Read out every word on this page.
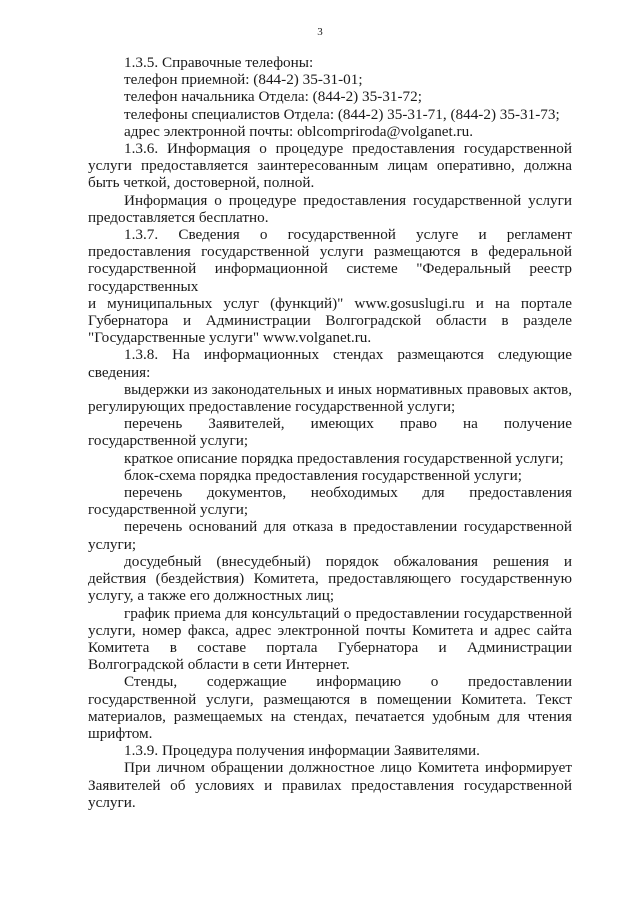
3

1.3.5. Справочные телефоны:

телефон приемной: (844-2) 35-31-01;

телефон начальника Отдела: (844-2) 35-31-72;

телефоны специалистов Отдела: (844-2) 35-31-71, (844-2) 35-31-73;

адрес электронной почты: oblcompriroda@volganet.ru.

1.3.6. Информация о процедуре предоставления государственной услуги предоставляется заинтересованным лицам оперативно, должна быть четкой, достоверной, полной.

Информация о процедуре предоставления государственной услуги предоставляется бесплатно.

1.3.7. Сведения о государственной услуге и регламент предоставления государственной услуги размещаются в федеральной государственной информационной системе "Федеральный реестр государственных

и муниципальных услуг (функций)" www.gosuslugi.ru и на портале Губернатора и Администрации Волгоградской области в разделе "Государственные услуги" www.volganet.ru.

1.3.8. На информационных стендах размещаются следующие сведения:

выдержки из законодательных и иных нормативных правовых актов, регулирующих предоставление государственной услуги;

перечень Заявителей, имеющих право на получение государственной услуги;

краткое описание порядка предоставления государственной услуги;

блок-схема порядка предоставления государственной услуги;

перечень документов, необходимых для предоставления государственной услуги;

перечень оснований для отказа в предоставлении государственной услуги;

досудебный (внесудебный) порядок обжалования решения и действия (бездействия) Комитета, предоставляющего государственную услугу, а также его должностных лиц;

график приема для консультаций о предоставлении государственной услуги, номер факса, адрес электронной почты Комитета и адрес сайта Комитета в составе портала Губернатора и Администрации Волгоградской области в сети Интернет.

Стенды, содержащие информацию о предоставлении государственной услуги, размещаются в помещении Комитета. Текст материалов, размещаемых на стендах, печатается удобным для чтения шрифтом.

1.3.9. Процедура получения информации Заявителями.

При личном обращении должностное лицо Комитета информирует Заявителей об условиях и правилах предоставления государственной услуги.
